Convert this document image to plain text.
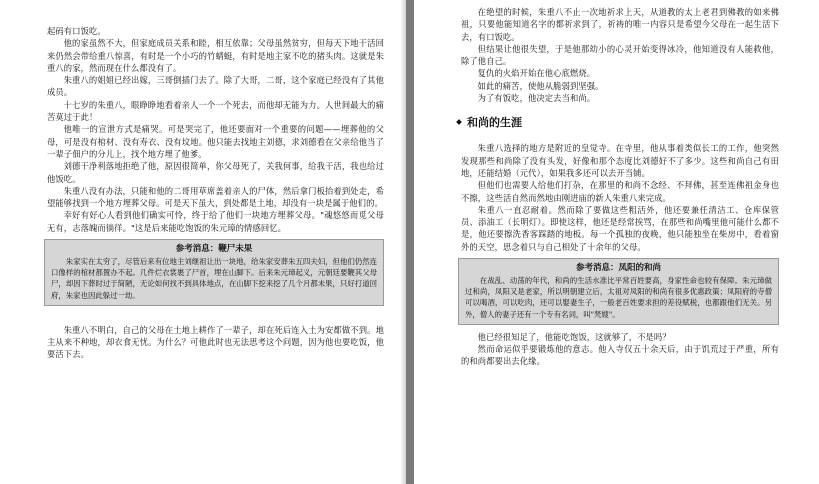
起码有口饭吃。

他的家虽然不大，但家庭成员关系和睦，相互依靠；父母虽然贫穷，但每天下地干活回来仍然会带给重八惊喜，有时是一个小巧的竹蜻蜓，有时是地主家不吃的猪头肉。这就是朱重八的家，然而现在什么都没有了。

朱重八的姐姐已经出嫁，三哥倒插门去了。除了大哥，二哥，这个家庭已经没有了其他成员。

十七岁的朱重八，眼睁睁地看着亲人一个一个死去，而他却无能为力。人世间最大的痛苦莫过于此！

他唯一的宣泄方式是痛哭。可是哭完了，他还要面对一个重要的问题——埋葬他的父母，可是没有棺材、没有寿衣、没有坟地。他只能去找地主刘德，求刘德看在父亲给他当了一辈子佃户的分儿上，找个地方埋了他爹。

刘德干净利落地拒绝了他，原因很简单，你父母死了，关我何事，给我干活，我也给过他饭吃。

朱重八没有办法，只能和他的二哥用草席盖着亲人的尸体，然后拿门板抬着到处走，希望能够找到一个地方埋葬父母。可是天下虽大，到处都是土地，却没有一块是属于他们的。

幸好有好心人看到他们确实可怜，终于给了他们一块地方埋葬父母。"魂悠悠而觅父母无有，志落魄而徜徉。"这是后来能吃饱饭的朱元璋的情感回忆。

参考消息：鞭尸未果

朱家实在太穷了，尽管后来有位地主刘继祖让出一块地，给朱家安葬朱五四夫妇，但他们仍然连口像样的棺材都置办不起。几件烂衣裳裹了尸首，埋在山脚下。后来朱元璋起义，元朝廷要鞭其父母尸，却因下葬时过于简陋，无论如何找不到具体地点，在山脚下挖来挖了几个月都未果，只好打道回府，朱家也因此躲过一劫。

朱重八不明白，自己的父母在土地上耕作了一辈子，却在死后连入土为安都做不到。地主从来不种地，却衣食无忧。为什么？可他此时也无法思考这个问题，因为他也要吃饭，他要活下去。

在绝望的时候，朱重八不止一次地祈求上天，从道教的太上老君到佛教的如来佛祖，只要他能知道名字的都祈求到了，祈祷的唯一内容只是希望今父母在一起生活下去，有口饭吃。

但结果让他很失望，于是他那幼小的心灵开始变得冰冷，他知道没有人能救他，除了他自己。

复仇的火焰开始在他心底燃烧。

如此的痛苦，使他从脆弱到坚强。

为了有饭吃，他决定去当和尚。

和尚的生涯

朱重八选择的地方是附近的皇觉寺。在寺里，他从事着类似长工的工作，他突然发现那些和尚除了没有头发，好像和那个态度比刘德好不了多少。这些和尚自己有田地，还能结婚（元代），如果我多还可以去开当铺。

但他们也需要人给他们打杂，在那里的和尚不念经、不拜佛，甚至连佛祖金身也不擦，这些活自然而然地由刚进庙的新人朱重八来完成。

朱重八一直忍耐着。然而除了要做这些粗活外，他还要兼任清洁工、仓库保管员、添油工（长明灯）。即使这样，他还是经常挨骂，在那些和尚嘴里他可能什么都不是，他还要擦洗香客踩踏的地板。每一个孤独的夜晚，他只能独坐在柴房中，看着窗外的天空，思念着只与自己相处了十余年的父母。

参考消息：凤阳的和尚

在战乱、动荡的年代，和尚的生活水准比平常百姓要高，身家性命也较有保障。朱元璋做过和尚，凤阳又是老家，所以明朝建立后，太祖对凤阳的和尚有很多优惠政策；凤阳府的寺僧可以喝酒，可以吃肉，还可以娶妻生子，一般老百姓要求担的差役赋税，也都跟他们无关。另外，僧人的妻子还有一个专有名词，叫"梵嫂"。

他已经很知足了，他能吃饱饭，这就够了，不是吗？

然而命运似乎要锻炼他的意志。他入寺仅五十余天后，由于饥荒过于严重，所有的和尚都要出去化缘。
